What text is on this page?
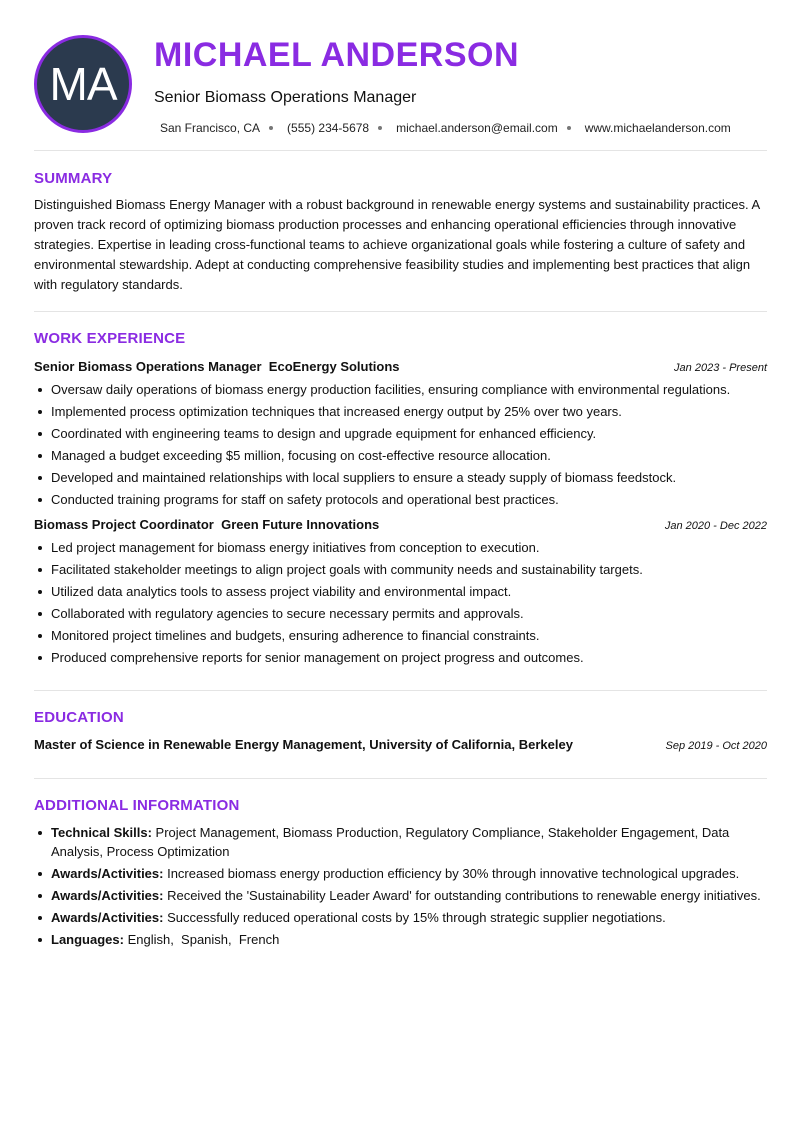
MA
MICHAEL ANDERSON
Senior Biomass Operations Manager
San Francisco, CA (555) 234-5678 michael.anderson@email.com www.michaelanderson.com
SUMMARY
Distinguished Biomass Energy Manager with a robust background in renewable energy systems and sustainability practices. A proven track record of optimizing biomass production processes and enhancing operational efficiencies through innovative strategies. Expertise in leading cross-functional teams to achieve organizational goals while fostering a culture of safety and environmental stewardship. Adept at conducting comprehensive feasibility studies and implementing best practices that align with regulatory standards.
WORK EXPERIENCE
Senior Biomass Operations Manager  EcoEnergy Solutions	Jan 2023 - Present
Oversaw daily operations of biomass energy production facilities, ensuring compliance with environmental regulations.
Implemented process optimization techniques that increased energy output by 25% over two years.
Coordinated with engineering teams to design and upgrade equipment for enhanced efficiency.
Managed a budget exceeding $5 million, focusing on cost-effective resource allocation.
Developed and maintained relationships with local suppliers to ensure a steady supply of biomass feedstock.
Conducted training programs for staff on safety protocols and operational best practices.
Biomass Project Coordinator  Green Future Innovations	Jan 2020 - Dec 2022
Led project management for biomass energy initiatives from conception to execution.
Facilitated stakeholder meetings to align project goals with community needs and sustainability targets.
Utilized data analytics tools to assess project viability and environmental impact.
Collaborated with regulatory agencies to secure necessary permits and approvals.
Monitored project timelines and budgets, ensuring adherence to financial constraints.
Produced comprehensive reports for senior management on project progress and outcomes.
EDUCATION
Master of Science in Renewable Energy Management, University of California, Berkeley	Sep 2019 - Oct 2020
ADDITIONAL INFORMATION
Technical Skills: Project Management, Biomass Production, Regulatory Compliance, Stakeholder Engagement, Data Analysis, Process Optimization
Awards/Activities: Increased biomass energy production efficiency by 30% through innovative technological upgrades.
Awards/Activities: Received the 'Sustainability Leader Award' for outstanding contributions to renewable energy initiatives.
Awards/Activities: Successfully reduced operational costs by 15% through strategic supplier negotiations.
Languages: English,  Spanish,  French
